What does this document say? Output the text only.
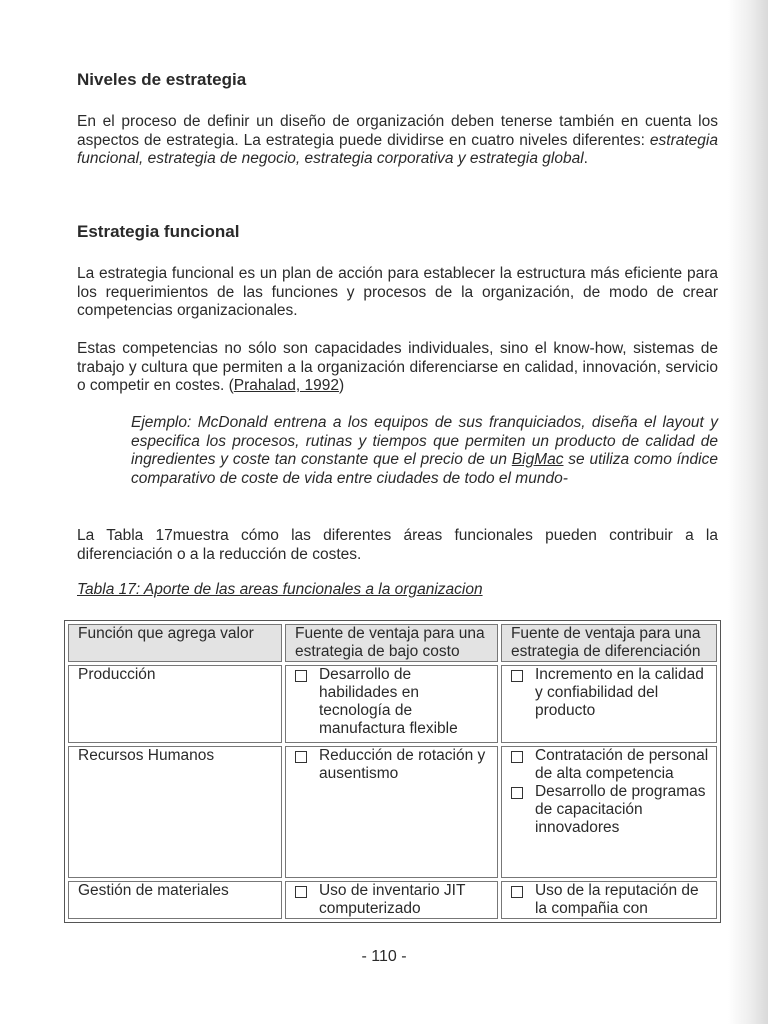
Niveles de estrategia

En el proceso de definir un diseño de organización deben tenerse también en cuenta los aspectos de estrategia. La estrategia puede dividirse en cuatro niveles diferentes: estrategia funcional, estrategia de negocio, estrategia corporativa y estrategia global.

Estrategia funcional

La estrategia funcional es un plan de acción para establecer la estructura más eficiente para los requerimientos de las funciones y procesos de la organización, de modo de crear competencias organizacionales.

Estas competencias no sólo son capacidades individuales, sino el know-how, sistemas de trabajo y cultura que permiten a la organización diferenciarse en calidad, innovación, servicio o competir en costes. (Prahalad, 1992)

Ejemplo: McDonald entrena a los equipos de sus franquiciados, diseña el layout y especifica los procesos, rutinas y tiempos que permiten un producto de calidad de ingredientes y coste tan constante que el precio de un BigMac se utiliza como índice comparativo de coste de vida entre ciudades de todo el mundo-

La Tabla 17muestra cómo las diferentes áreas funcionales pueden contribuir a la diferenciación o a la reducción de costes.

Tabla 17: Aporte de las areas funcionales a la organizacion

Función que agrega valor	Fuente de ventaja para una estrategia de bajo costo	Fuente de ventaja para una estrategia de diferenciación
Producción	Desarrollo de habilidades en tecnología de manufactura flexible	Incremento en la calidad y confiabilidad del producto

Recursos Humanos	Reducción de rotación y ausentismo	Contratación de personal de alta competencia
Desarrollo de programas de capacitación innovadores

Gestión de materiales	Uso de inventario JIT computerizado	Uso de la reputación de la compañia con
- 110 -
